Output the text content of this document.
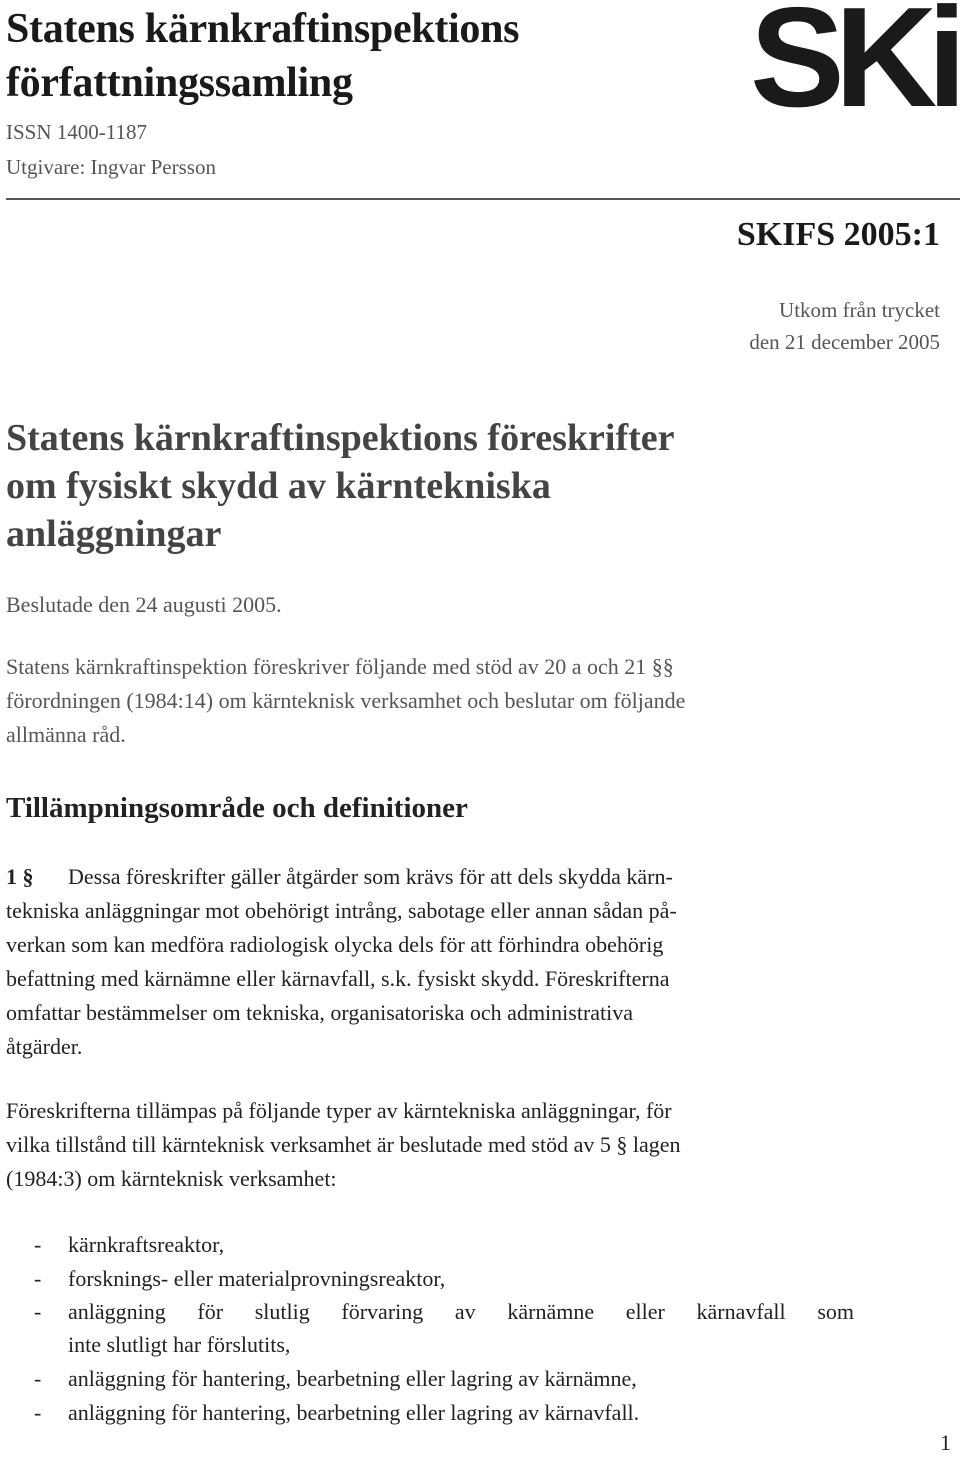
Statens kärnkraftinspektions
författningssamling
ISSN 1400-1187
Utgivare: Ingvar Persson
SKi
SKIFS 2005:1
Utkom från trycket
den 21 december 2005
Statens kärnkraftinspektions föreskrifter
om fysiskt skydd av kärntekniska
anläggningar
Beslutade den 24 augusti 2005.
Statens kärnkraftinspektion föreskriver följande med stöd av 20 a och 21 §§
förordningen (1984:14) om kärnteknisk verksamhet och beslutar om följande
allmänna råd.
Tillämpningsområde och definitioner
1 § Dessa föreskrifter gäller åtgärder som krävs för att dels skydda kärn-
tekniska anläggningar mot obehörigt intrång, sabotage eller annan sådan på-
verkan som kan medföra radiologisk olycka dels för att förhindra obehörig
befattning med kärnämne eller kärnavfall, s.k. fysiskt skydd. Föreskrifterna
omfattar bestämmelser om tekniska, organisatoriska och administrativa
åtgärder.
Föreskrifterna tillämpas på följande typer av kärntekniska anläggningar, för
vilka tillstånd till kärnteknisk verksamhet är beslutade med stöd av 5 § lagen
(1984:3) om kärnteknisk verksamhet:
- kärnkraftsreaktor,
- forsknings- eller materialprovningsreaktor,
- anläggning för slutlig förvaring av kärnämne eller kärnavfall som
inte slutligt har förslutits,
- anläggning för hantering, bearbetning eller lagring av kärnämne,
- anläggning för hantering, bearbetning eller lagring av kärnavfall.
1
